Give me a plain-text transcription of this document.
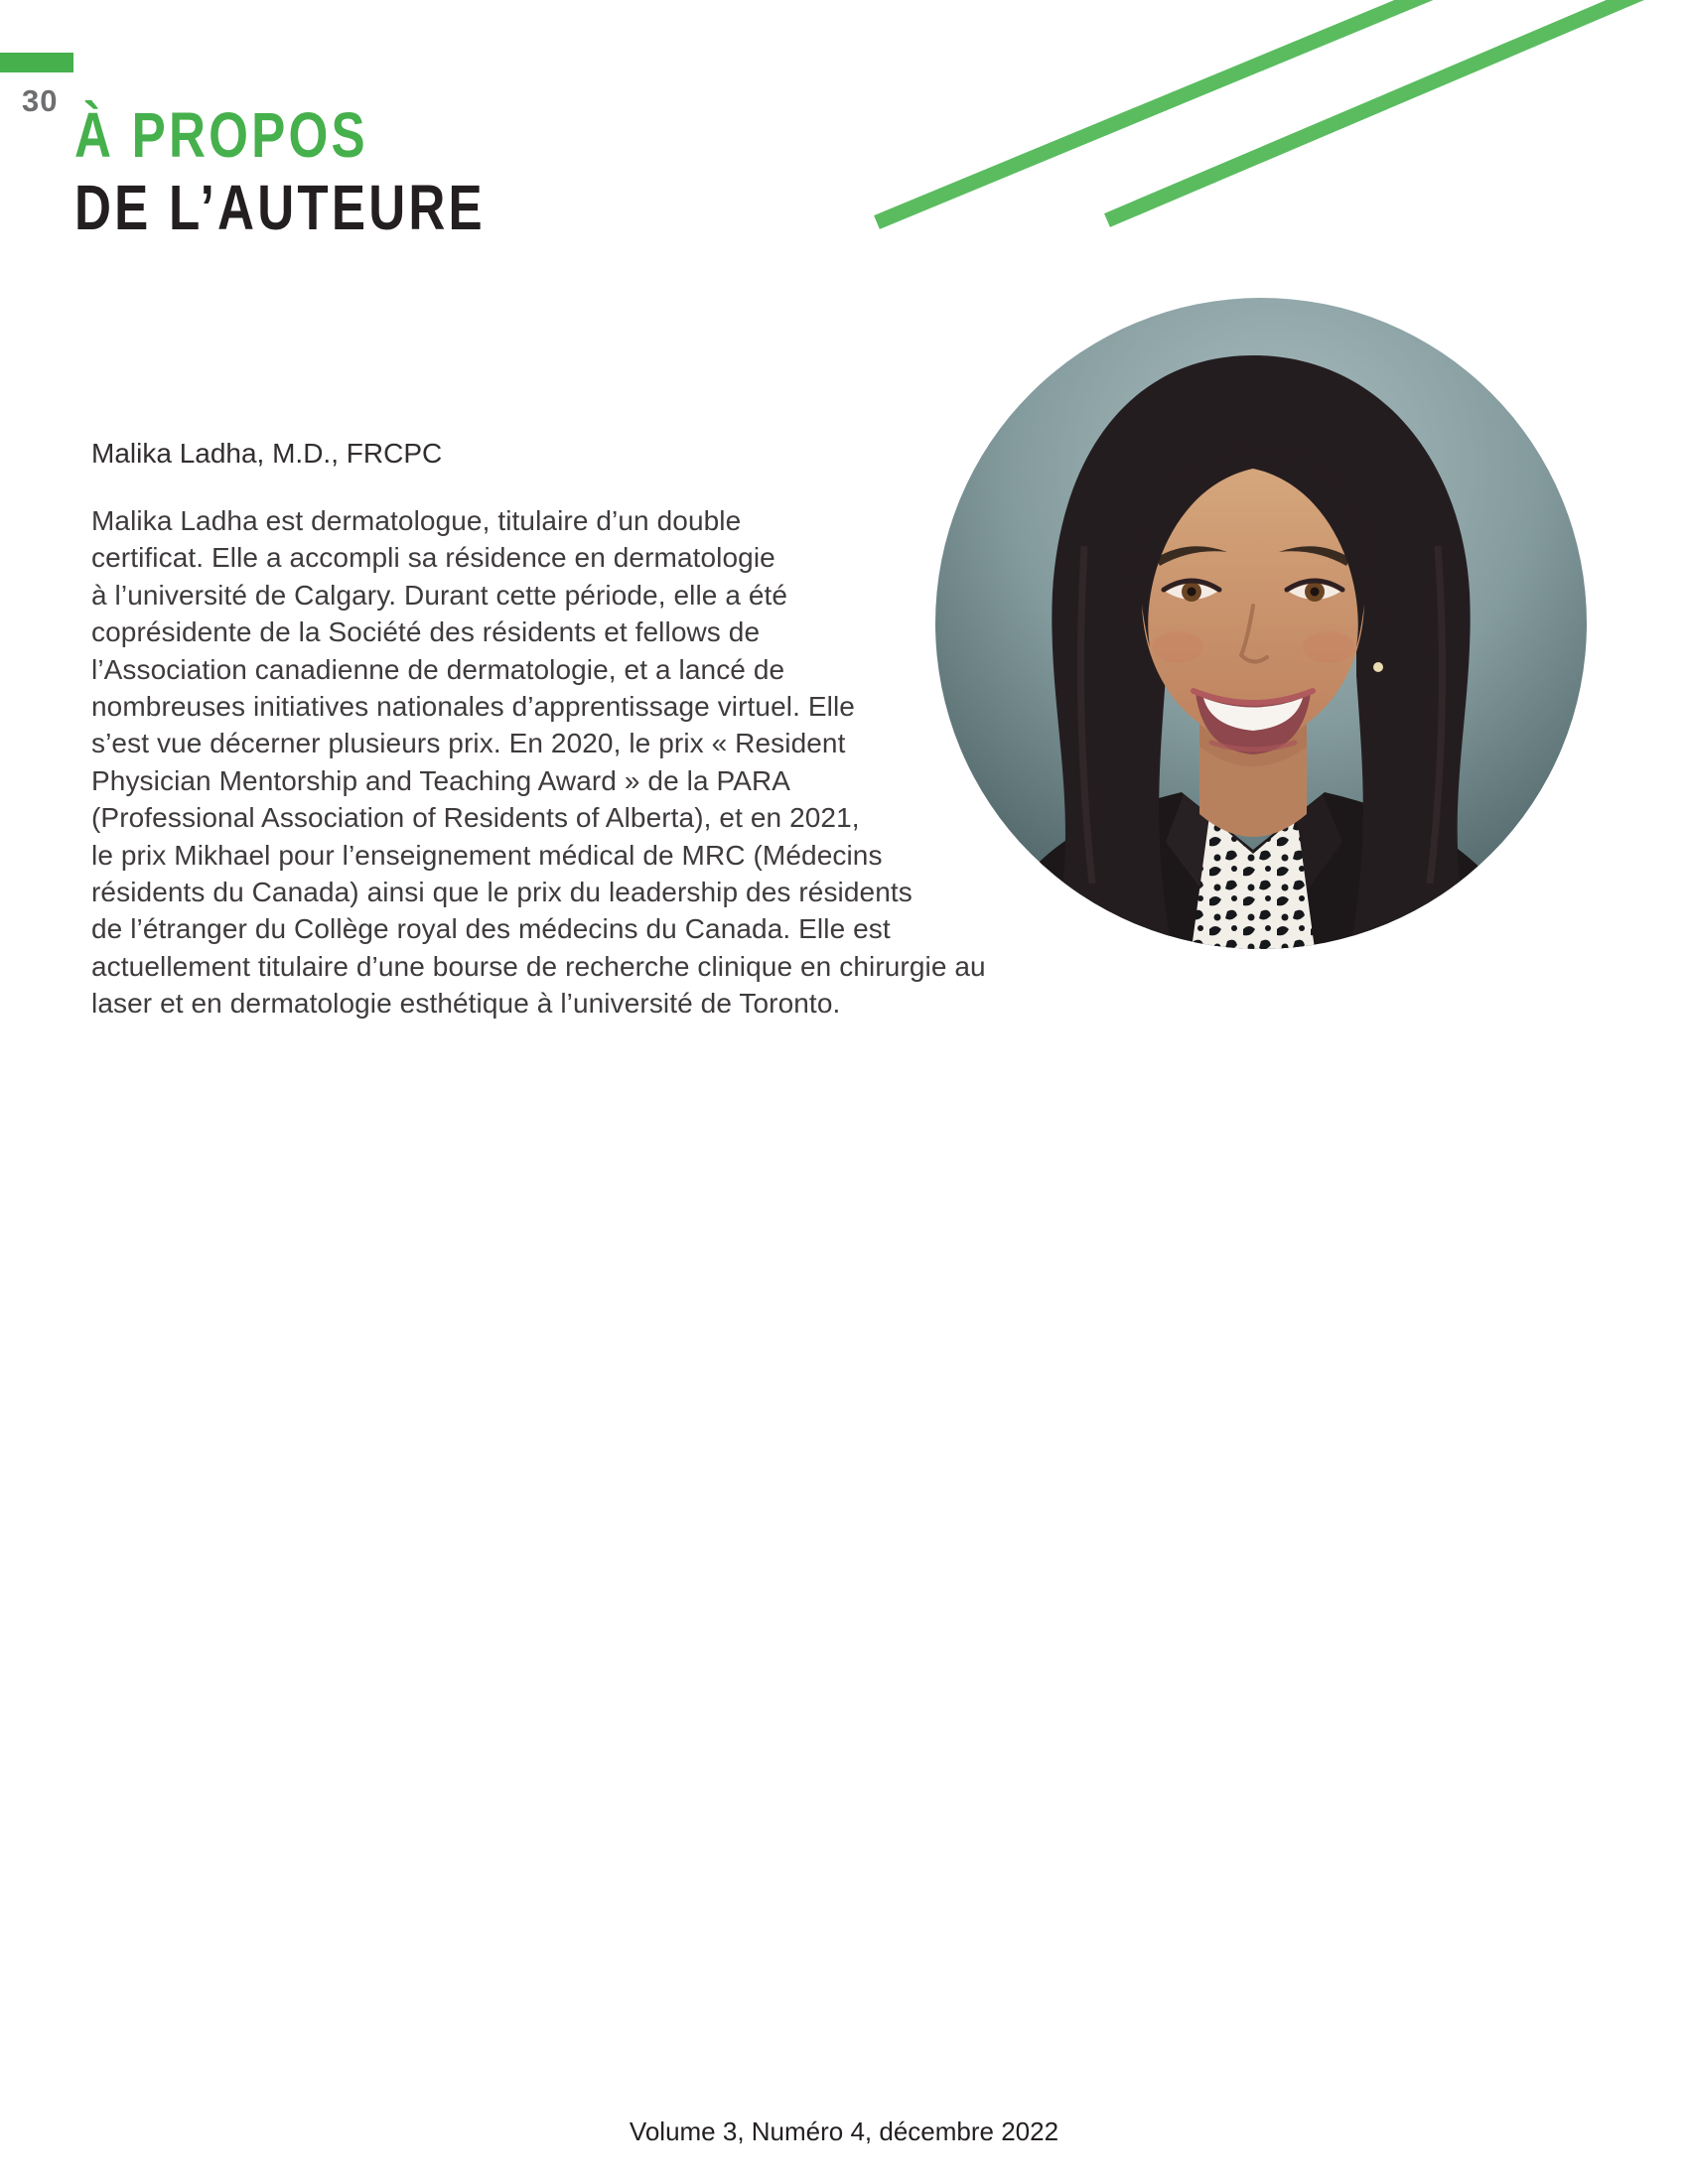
30 À PROPOS
DE L’AUTEURE
Malika Ladha, M.D., FRCPC
Malika Ladha est dermatologue, titulaire d’un double
certificat. Elle a accompli sa résidence en dermatologie
à l’université de Calgary. Durant cette période, elle a été
coprésidente de la Société des résidents et fellows de
l’Association canadienne de dermatologie, et a lancé de
nombreuses initiatives nationales d’apprentissage virtuel. Elle
s’est vue décerner plusieurs prix. En 2020, le prix « Resident
Physician Mentorship and Teaching Award » de la PARA
(Professional Association of Residents of Alberta), et en 2021,
le prix Mikhael pour l’enseignement médical de MRC (Médecins
résidents du Canada) ainsi que le prix du leadership des résidents
de l’étranger du Collège royal des médecins du Canada. Elle est
actuellement titulaire d’une bourse de recherche clinique en chirurgie au
laser et en dermatologie esthétique à l’université de Toronto.
Volume 3, Numéro 4, décembre 2022
